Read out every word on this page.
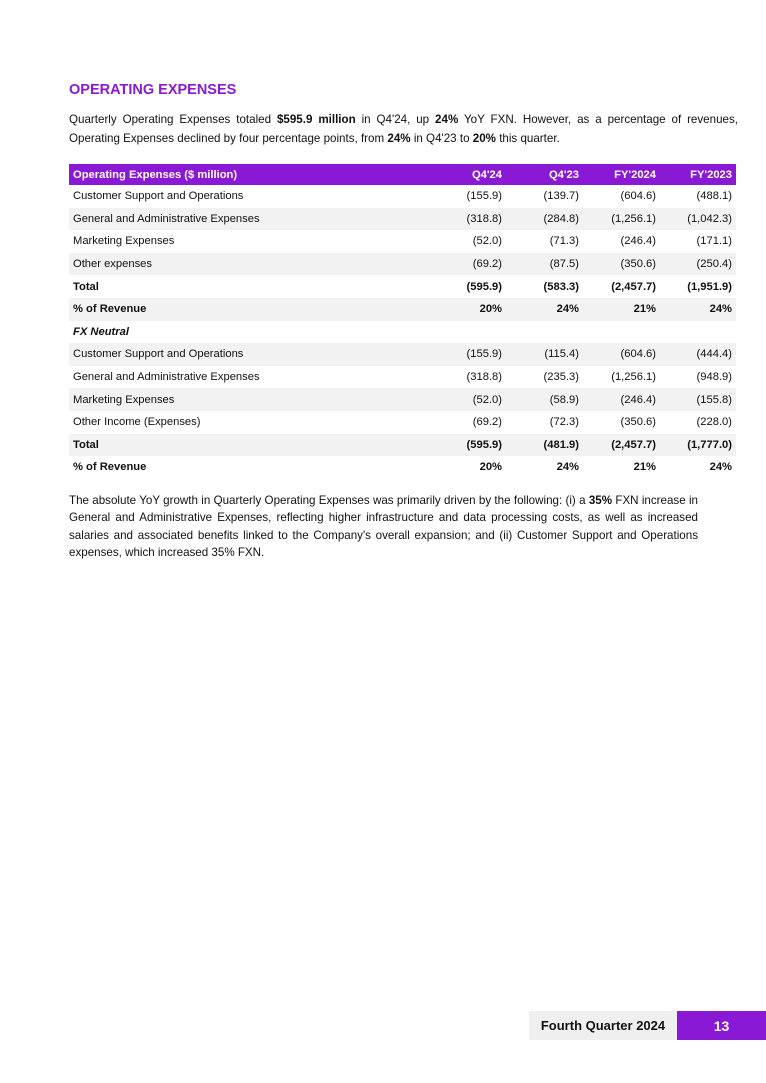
OPERATING EXPENSES

Quarterly Operating Expenses totaled $595.9 million in Q4'24, up 24% YoY FXN. However, as a percentage of revenues, Operating Expenses declined by four percentage points, from 24% in Q4'23 to 20% this quarter.

Operating Expenses ($ million)	Q4'24	Q4'23	FY'2024	FY'2023
Customer Support and Operations	(155.9)	(139.7)	(604.6)	(488.1)
General and Administrative Expenses	(318.8)	(284.8)	(1,256.1)	(1,042.3)
Marketing Expenses	(52.0)	(71.3)	(246.4)	(171.1)
Other expenses	(69.2)	(87.5)	(350.6)	(250.4)
Total	(595.9)	(583.3)	(2,457.7)	(1,951.9)
% of Revenue	20%	24%	21%	24%
FX Neutral				
Customer Support and Operations	(155.9)	(115.4)	(604.6)	(444.4)
General and Administrative Expenses	(318.8)	(235.3)	(1,256.1)	(948.9)
Marketing Expenses	(52.0)	(58.9)	(246.4)	(155.8)
Other Income (Expenses)	(69.2)	(72.3)	(350.6)	(228.0)
Total	(595.9)	(481.9)	(2,457.7)	(1,777.0)
% of Revenue	20%	24%	21%	24%

The absolute YoY growth in Quarterly Operating Expenses was primarily driven by the following: (i) a 35% FXN increase in General and Administrative Expenses, reflecting higher infrastructure and data processing costs, as well as increased salaries and associated benefits linked to the Company's overall expansion; and (ii) Customer Support and Operations expenses, which increased 35% FXN.

Fourth Quarter 2024	13
